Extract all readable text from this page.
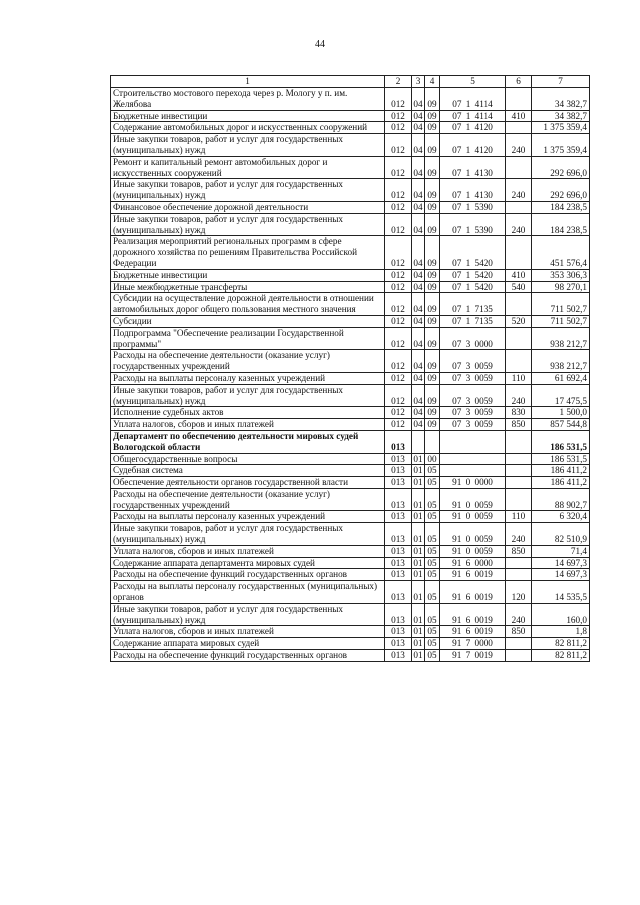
44
1	2	3	4	5	6	7
Строительство мостового перехода через р. Мологу у п. им. Желябова	012	04	09	07 1 4114		34 382,7
Бюджетные инвестиции	012	04	09	07 1 4114	410	34 382,7
Содержание автомобильных дорог и искусственных сооружений	012	04	09	07 1 4120		1 375 359,4
Иные закупки товаров, работ и услуг для государственных (муниципальных) нужд	012	04	09	07 1 4120	240	1 375 359,4
Ремонт и капитальный ремонт автомобильных дорог и искусственных сооружений	012	04	09	07 1 4130		292 696,0
Иные закупки товаров, работ и услуг для государственных (муниципальных) нужд	012	04	09	07 1 4130	240	292 696,0
Финансовое обеспечение дорожной деятельности	012	04	09	07 1 5390		184 238,5
Иные закупки товаров, работ и услуг для государственных (муниципальных) нужд	012	04	09	07 1 5390	240	184 238,5
Реализация мероприятий региональных программ в сфере дорожного хозяйства по решениям Правительства Российской Федерации	012	04	09	07 1 5420		451 576,4
Бюджетные инвестиции	012	04	09	07 1 5420	410	353 306,3
Иные межбюджетные трансферты	012	04	09	07 1 5420	540	98 270,1
Субсидии на осуществление дорожной деятельности в отношении автомобильных дорог общего пользования местного значения	012	04	09	07 1 7135		711 502,7
Субсидии	012	04	09	07 1 7135	520	711 502,7
Подпрограмма "Обеспечение реализации Государственной программы"	012	04	09	07 3 0000		938 212,7
Расходы на обеспечение деятельности (оказание услуг) государственных учреждений	012	04	09	07 3 0059		938 212,7
Расходы на выплаты персоналу казенных учреждений	012	04	09	07 3 0059	110	61 692,4
Иные закупки товаров, работ и услуг для государственных (муниципальных) нужд	012	04	09	07 3 0059	240	17 475,5
Исполнение судебных актов	012	04	09	07 3 0059	830	1 500,0
Уплата налогов, сборов и иных платежей	012	04	09	07 3 0059	850	857 544,8
Департамент по обеспечению деятельности мировых судей Вологодской области	013					186 531,5
Общегосударственные вопросы	013	01	00			186 531,5
Судебная система	013	01	05			186 411,2
Обеспечение деятельности органов государственной власти	013	01	05	91 0 0000		186 411,2
Расходы на обеспечение деятельности (оказание услуг) государственных учреждений	013	01	05	91 0 0059		88 902,7
Расходы на выплаты персоналу казенных учреждений	013	01	05	91 0 0059	110	6 320,4
Иные закупки товаров, работ и услуг для государственных (муниципальных) нужд	013	01	05	91 0 0059	240	82 510,9
Уплата налогов, сборов и иных платежей	013	01	05	91 0 0059	850	71,4
Содержание аппарата департамента мировых судей	013	01	05	91 6 0000		14 697,3
Расходы на обеспечение функций государственных органов	013	01	05	91 6 0019		14 697,3
Расходы на выплаты персоналу государственных (муниципальных) органов	013	01	05	91 6 0019	120	14 535,5
Иные закупки товаров, работ и услуг для государственных (муниципальных) нужд	013	01	05	91 6 0019	240	160,0
Уплата налогов, сборов и иных платежей	013	01	05	91 6 0019	850	1,8
Содержание аппарата мировых судей	013	01	05	91 7 0000		82 811,2
Расходы на обеспечение функций государственных органов	013	01	05	91 7 0019		82 811,2
